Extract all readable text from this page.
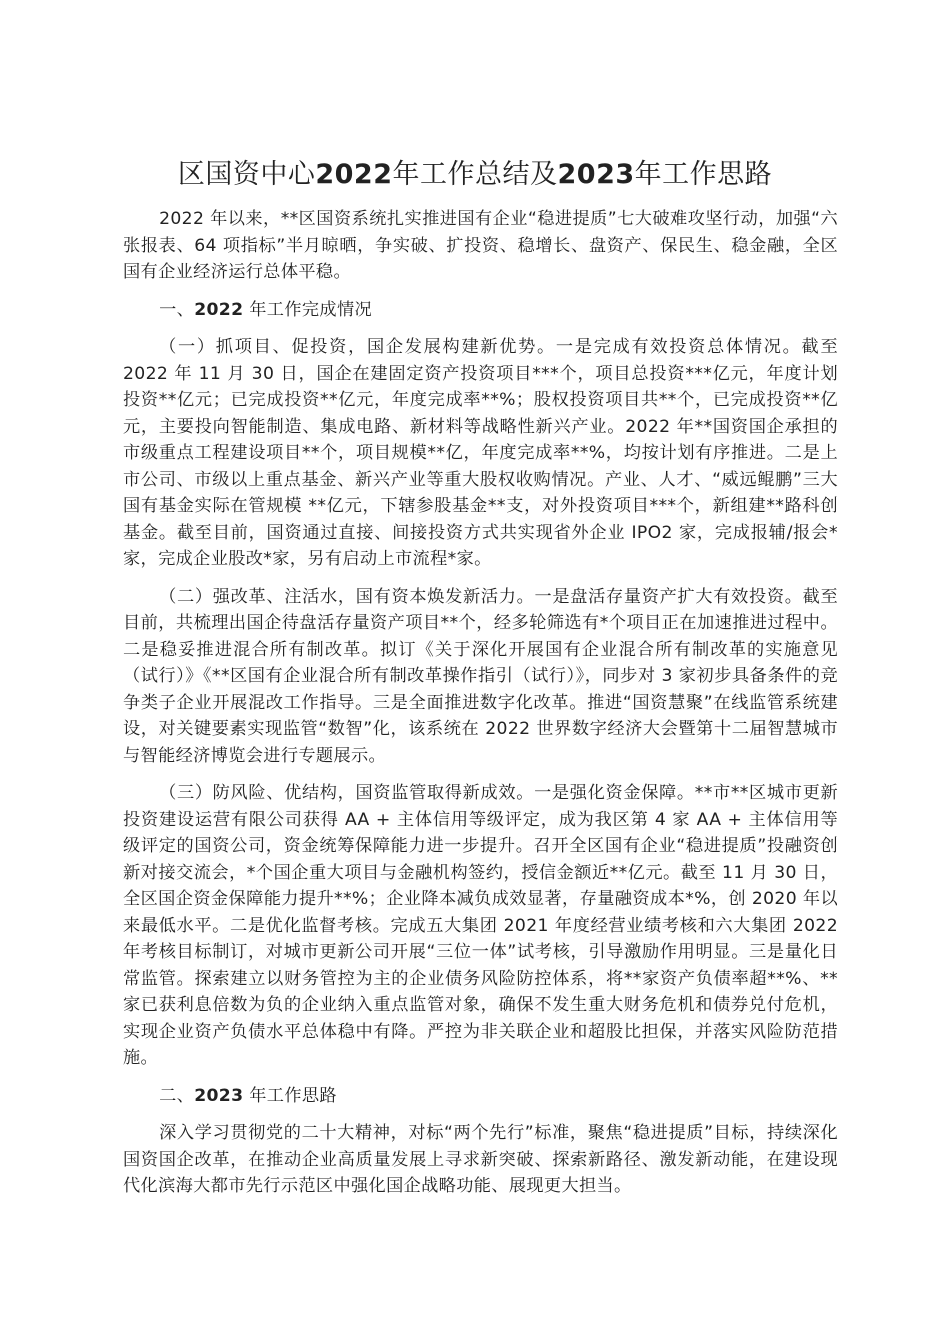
区国资中心2022年工作总结及2023年工作思路

2022 年以来，**区国资系统扎实推进国有企业“稳进提质”七大破难攻坚行动，加强“六张报表、64 项指标”半月晾晒，争实破、扩投资、稳增长、盘资产、保民生、稳金融，全区国有企业经济运行总体平稳。

一、2022 年工作完成情况

（一）抓项目、促投资，国企发展构建新优势。一是完成有效投资总体情况。截至 2022 年 11 月 30 日，国企在建固定资产投资项目***个，项目总投资***亿元，年度计划投资**亿元；已完成投资**亿元，年度完成率**%；股权投资项目共**个，已完成投资**亿元，主要投向智能制造、集成电路、新材料等战略性新兴产业。2022 年**国资国企承担的市级重点工程建设项目**个，项目规模**亿，年度完成率**%，均按计划有序推进。二是上市公司、市级以上重点基金、新兴产业等重大股权收购情况。产业、人才、“威远鲲鹏”三大国有基金实际在管规模 **亿元，下辖参股基金**支，对外投资项目***个，新组建**路科创基金。截至目前，国资通过直接、间接投资方式共实现省外企业 IPO2 家，完成报辅/报会*家，完成企业股改*家，另有启动上市流程*家。

（二）强改革、注活水，国有资本焕发新活力。一是盘活存量资产扩大有效投资。截至目前，共梳理出国企待盘活存量资产项目**个，经多轮筛选有*个项目正在加速推进过程中。二是稳妥推进混合所有制改革。拟订《关于深化开展国有企业混合所有制改革的实施意见（试行）》《**区国有企业混合所有制改革操作指引（试行）》，同步对 3 家初步具备条件的竞争类子企业开展混改工作指导。三是全面推进数字化改革。推进“国资慧聚”在线监管系统建设，对关键要素实现监管“数智”化，该系统在 2022 世界数字经济大会暨第十二届智慧城市与智能经济博览会进行专题展示。

（三）防风险、优结构，国资监管取得新成效。一是强化资金保障。**市**区城市更新投资建设运营有限公司获得 AA + 主体信用等级评定，成为我区第 4 家 AA + 主体信用等级评定的国资公司，资金统筹保障能力进一步提升。召开全区国有企业“稳进提质”投融资创新对接交流会，*个国企重大项目与金融机构签约，授信金额近**亿元。截至 11 月 30 日，全区国企资金保障能力提升**%；企业降本减负成效显著，存量融资成本*%，创 2020 年以来最低水平。二是优化监督考核。完成五大集团 2021 年度经营业绩考核和六大集团 2022 年考核目标制订，对城市更新公司开展“三位一体”试考核，引导激励作用明显。三是量化日常监管。探索建立以财务管控为主的企业债务风险防控体系，将**家资产负债率超**%、**家已获利息倍数为负的企业纳入重点监管对象，确保不发生重大财务危机和债券兑付危机，实现企业资产负债水平总体稳中有降。严控为非关联企业和超股比担保，并落实风险防范措施。

二、2023 年工作思路

深入学习贯彻党的二十大精神，对标“两个先行”标准，聚焦“稳进提质”目标，持续深化国资国企改革，在推动企业高质量发展上寻求新突破、探索新路径、激发新动能，在建设现代化滨海大都市先行示范区中强化国企战略功能、展现更大担当。
